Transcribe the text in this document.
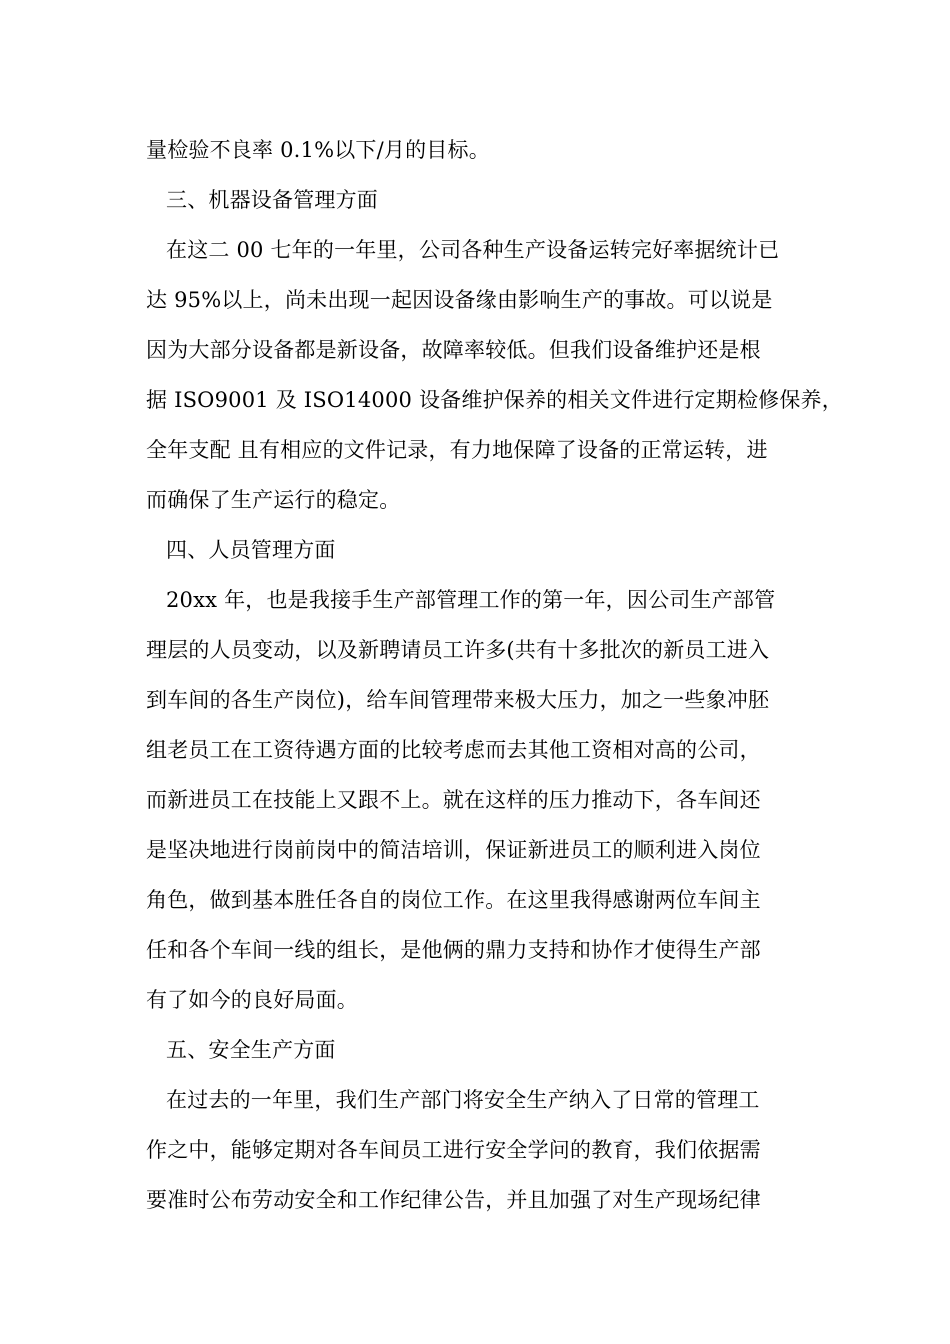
量检验不良率 0.1%以下/月的目标。
三、机器设备管理方面
在这二 00 七年的一年里，公司各种生产设备运转完好率据统计已
达 95%以上，尚未出现一起因设备缘由影响生产的事故。可以说是
因为大部分设备都是新设备，故障率较低。但我们设备维护还是根
据 ISO9001 及 ISO14000 设备维护保养的相关文件进行定期检修保养，
全年支配 且有相应的文件记录，有力地保障了设备的正常运转，进
而确保了生产运行的稳定。
四、人员管理方面
20xx 年，也是我接手生产部管理工作的第一年，因公司生产部管
理层的人员变动，以及新聘请员工许多(共有十多批次的新员工进入
到车间的各生产岗位)，给车间管理带来极大压力，加之一些象冲胚
组老员工在工资待遇方面的比较考虑而去其他工资相对高的公司，
而新进员工在技能上又跟不上。就在这样的压力推动下，各车间还
是坚决地进行岗前岗中的简洁培训，保证新进员工的顺利进入岗位
角色，做到基本胜任各自的岗位工作。在这里我得感谢两位车间主
任和各个车间一线的组长，是他俩的鼎力支持和协作才使得生产部
有了如今的良好局面。
五、安全生产方面
在过去的一年里，我们生产部门将安全生产纳入了日常的管理工
作之中，能够定期对各车间员工进行安全学问的教育，我们依据需
要准时公布劳动安全和工作纪律公告，并且加强了对生产现场纪律
